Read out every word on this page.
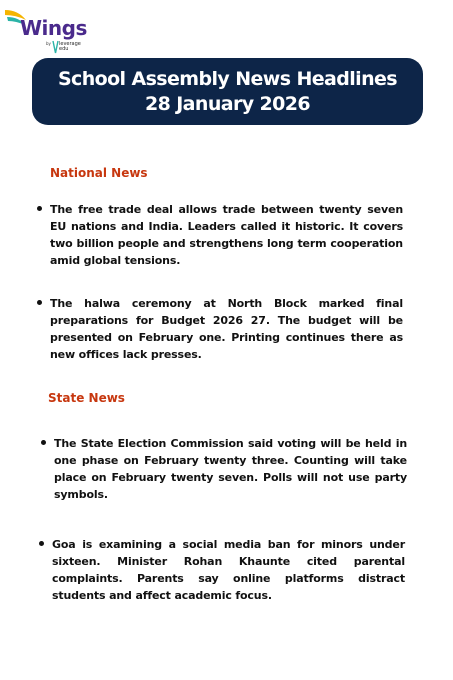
Wings
by leverage edu
School Assembly News Headlines
28 January 2026
National News
The free trade deal allows trade between twenty seven EU nations and India. Leaders called it historic. It covers two billion people and strengthens long term cooperation amid global tensions.
The halwa ceremony at North Block marked final preparations for Budget 2026 27. The budget will be presented on February one. Printing continues there as new offices lack presses.
State News
The State Election Commission said voting will be held in one phase on February twenty three. Counting will take place on February twenty seven. Polls will not use party symbols.
Goa is examining a social media ban for minors under sixteen. Minister Rohan Khaunte cited parental complaints. Parents say online platforms distract students and affect academic focus.
